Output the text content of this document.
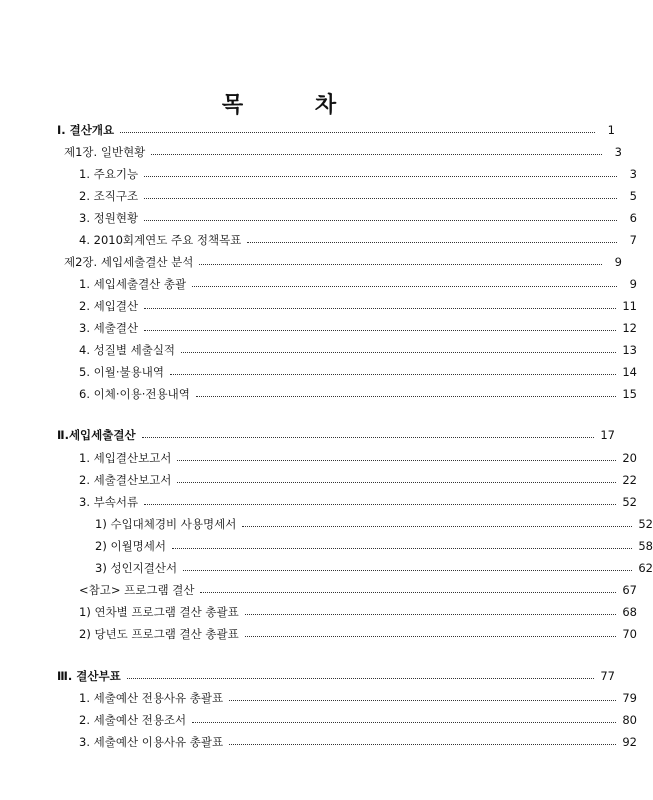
목 차
Ⅰ. 결산개요	1
제1장. 일반현황	3
1. 주요기능	3
2. 조직구조	5
3. 정원현황	6
4. 2010회계연도 주요 정책목표	7
제2장. 세입세출결산 분석	9
1. 세입세출결산 총괄	9
2. 세입결산	11
3. 세출결산	12
4. 성질별 세출실적	13
5. 이월·불용내역	14
6. 이체·이용·전용내역	15
Ⅱ.세입세출결산	17
1. 세입결산보고서	20
2. 세출결산보고서	22
3. 부속서류	52
1) 수입대체경비 사용명세서	52
2) 이월명세서	58
3) 성인지결산서	62
<참고> 프로그램 결산	67
1) 연차별 프로그램 결산 총괄표	68
2) 당년도 프로그램 결산 총괄표	70
Ⅲ. 결산부표	77
1. 세출예산 전용사유 총괄표	79
2. 세출예산 전용조서	80
3. 세출예산 이용사유 총괄표	92
